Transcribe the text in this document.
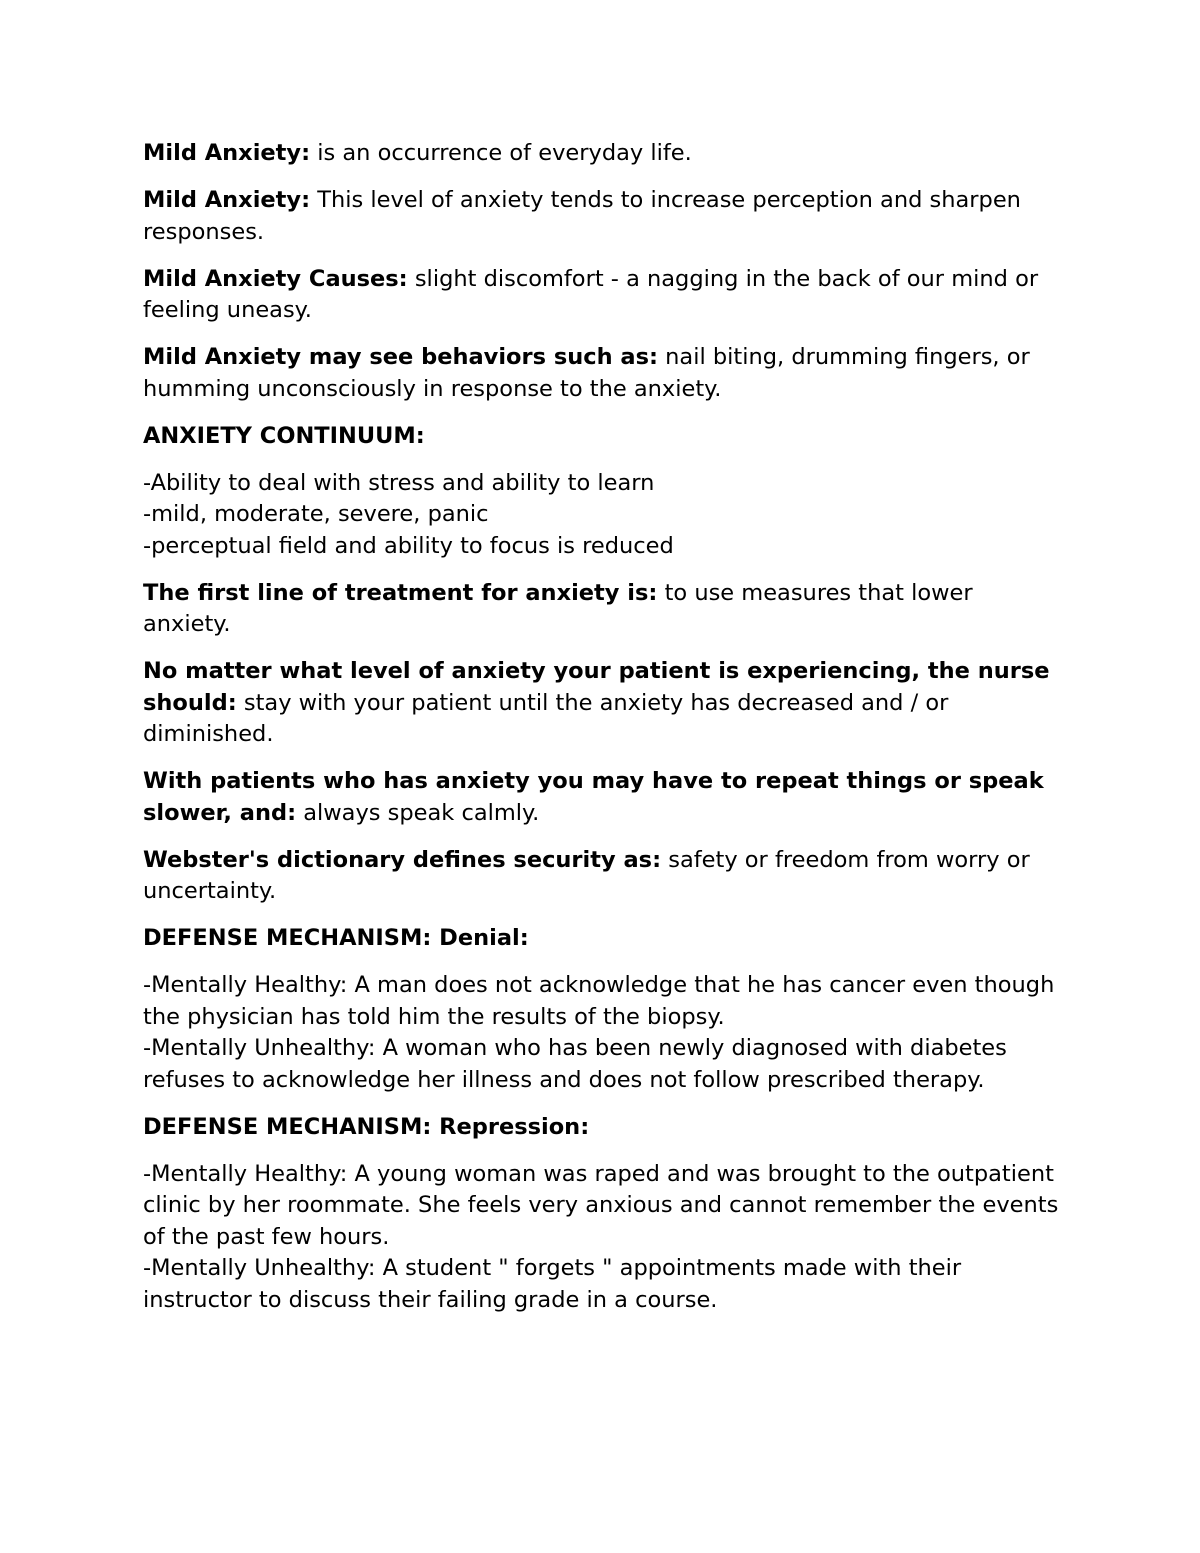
Mild Anxiety: is an occurrence of everyday life.

Mild Anxiety: This level of anxiety tends to increase perception and sharpen responses.

Mild Anxiety Causes: slight discomfort - a nagging in the back of our mind or feeling uneasy.

Mild Anxiety may see behaviors such as: nail biting, drumming fingers, or humming unconsciously in response to the anxiety.

ANXIETY CONTINUUM:

-Ability to deal with stress and ability to learn

-mild, moderate, severe, panic

-perceptual field and ability to focus is reduced

The first line of treatment for anxiety is: to use measures that lower anxiety.

No matter what level of anxiety your patient is experiencing, the nurse should: stay with your patient until the anxiety has decreased and / or diminished.

With patients who has anxiety you may have to repeat things or speak slower, and: always speak calmly.

Webster's dictionary defines security as: safety or freedom from worry or uncertainty.

DEFENSE MECHANISM: Denial:

-Mentally Healthy: A man does not acknowledge that he has cancer even though the physician has told him the results of the biopsy.

-Mentally Unhealthy: A woman who has been newly diagnosed with diabetes refuses to acknowledge her illness and does not follow prescribed therapy.

DEFENSE MECHANISM: Repression:

-Mentally Healthy: A young woman was raped and was brought to the outpatient clinic by her roommate. She feels very anxious and cannot remember the events of the past few hours.

-Mentally Unhealthy: A student " forgets " appointments made with their instructor to discuss their failing grade in a course.
